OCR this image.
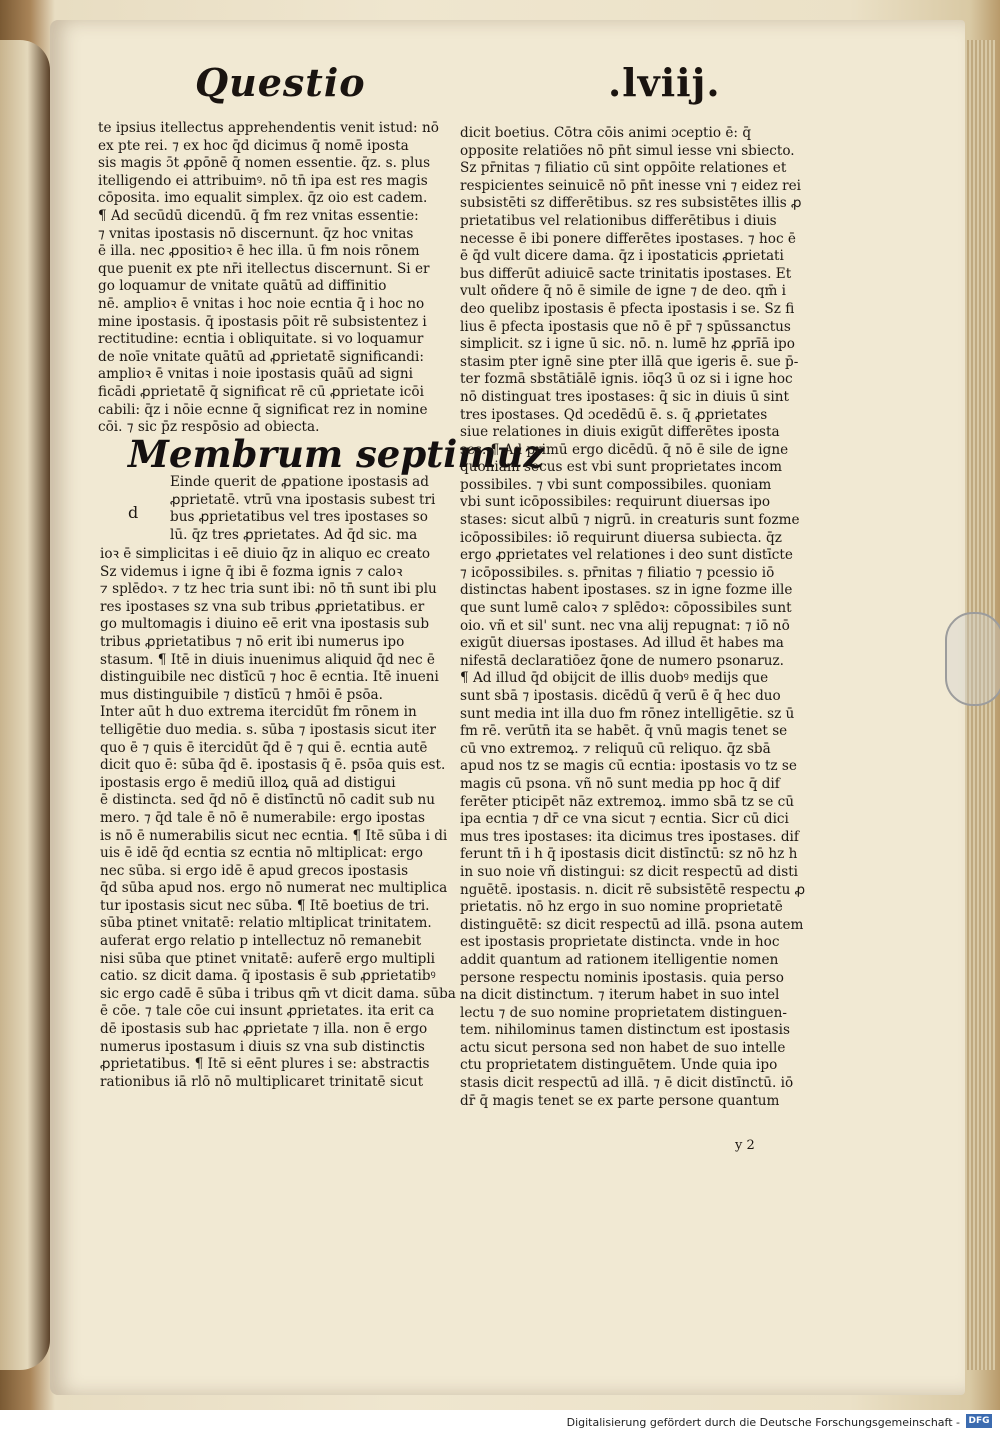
Questio	.lviij.
te ipsius itellectus apprehendentis venit istud: nō
ex pte rei. ⁊ ex hoc q̄d dicimus q̄ nomē iposta
sis magis ɔ̄t ꝓpōnē q̄ nomen essentie. q̄z. s. plus
itelligendo ei attribuimꝰ. nō tn̄ ipa est res magis
cōposita. imo equalit̄ simplex. q̄z oio est cadem.
¶ Ad secūdū dicendū. q̄ fm rez vnitas essentie:
⁊ vnitas ipostasis nō discernunt. q̄z hoc vnitas
ē illa. nec ꝓpositioꝛ ē hec illa. ū fm nois rōnem
que puenit ex pte nr̄i itellectus discernunt. Si er
go loquamur de vnitate quātū ad diffinitio
nē. amplioꝛ ē vnitas i hoc noie ecntia q̄ i hoc no
mine ipostasis. q̄ ipostasis pōit rē subsistentez i
rectitudine: ecntia i obliquitate. si vo loquamur
de noīe vnitate quātū ad ꝓprietatē significandi:
amplioꝛ ē vnitas i noie ipostasis quāū ad signi
ficādi ꝓprietatē q̄ significat rē cū ꝓprietate icōi
cabili: q̄z i nōie ecnne q̄ significat rez in nomine
cōi. ⁊ sic p̄z respōsio ad obiecta.
Membrum septimuz
d
Einde querit de ꝓpatione ipostasis ad
ꝓprietatē. vtrū vna ipostasis subest tri
bus ꝓprietatibus vel tres ipostases so
lū. q̄z tres ꝓprietates. Ad q̄d sic. ma
ioꝛ ē simplicitas i eē diuio q̄z in aliquo ec creato
Sz videmus i igne q̄ ibi ē fozma ignis ⁊ caloꝛ
⁊ splēdoꝛ. ⁊ tz hec tria sunt ibi: nō tn̄ sunt ibi plu
res ipostases sz vna sub tribus ꝓprietatibus. er
go multomagis i diuino eē erit vna ipostasis sub
tribus ꝓprietatibus ⁊ nō erit ibi numerus ipo
stasum. ¶ Itē in diuis inuenimus aliquid q̄d nec ē
distinguibile nec distīcū ⁊ hoc ē ecntia. Itē inueni
mus distinguibile ⁊ distīcū ⁊ hmōi ē psōa.
Inter aūt h̄ duo extrema itercidūt fm rōnem in
telligētie duo media. s. sūba ⁊ ipostasis sicut iter
quo ē ⁊ quis ē itercidūt q̄d ē ⁊ qui ē. ecntia autē
dicit quo ē: sūba q̄d ē. ipostasis q̄ ē. psōa quis est.
ipostasis ergo ē mediū illoꝝ quā ad distigui
ē distincta. sed q̄d nō ē distīnctū nō cadit sub nu
mero. ⁊ q̄d tale ē nō ē numerabile: ergo ipostas
is nō ē numerabilis sicut nec ecntia. ¶ Itē sūba i di
uis ē idē q̄d ecntia sz ecntia nō mltiplicat: ergo
nec sūba. si ergo idē ē apud grecos ipostasis
q̄d sūba apud nos. ergo nō numerat nec multiplica
tur ipostasis sicut nec sūba. ¶ Itē boetius de tri.
sūba ptinet vnitatē: relatio mltiplicat trinitatem.
auferat ergo relatio p intellectuz nō remanebit
nisi sūba que ptinet vnitatē: auferē ergo multipli
catio. sz dicit dama. q̄ ipostasis ē sub ꝓprietatibꝰ
sic ergo cadē ē sūba i tribus qm̄ vt dicit dama. sūba
ē cōe. ⁊ tale cōe cui insunt ꝓprietates. ita erit ca
dē ipostasis sub hac ꝓprietate ⁊ illa. non ē ergo
numerus ipostasum i diuis sz vna sub distinctis
ꝓprietatibus. ¶ Itē si eēnt plures i se: abstractis
rationibus iā rlō nō multiplicaret trinitatē sicut
dicit boetius. Cōtra cōis animi ɔceptio ē: q̄
opposite relatiões nō pn̄t simul iesse vni sbiecto.
Sz pr̄nitas ⁊ filiatio cū sint oppōite relationes et
respicientes seinuicē nō pn̄t inesse vni ⁊ eidez rei
subsistēti sz differētibus. sz res subsistētes illis ꝓ
prietatibus vel relationibus differētibus i diuis
necesse ē ibi ponere differētes ipostases. ⁊ hoc ē
ē q̄d vult dicere dama. q̄z i ipostaticis ꝓprietati
bus differūt adiuicē sacte trinitatis ipostases. Et
vult oñdere q̄ nō ē simile de igne ⁊ de deo. qm̄ i
deo quelibz ipostasis ē pfecta ipostasis i se. Sz fi
lius ē pfecta ipostasis que nō ē pr̄ ⁊ spūssanctus
simplicit̄. sz i igne ū sic. nō. n. lumē h̄z ꝓprīā ipo
stasim pter ignē sine pter illā que igeris ē. sue p̄-
ter fozmā sbstātiālē ignis. iōq3 ū oz si i igne hoc
nō distinguat tres ipostases: q̄ sic in diuis ū sint
tres ipostases. Qd ɔcedēdū ē. s. q̄ ꝓprietates
siue relationes in diuis exigūt differētes iposta
ses. ¶ Ad primū ergo dicēdū. q̄ nō ē sile de igne
quoniam secus est vbi sunt proprietates incom
possibiles. ⁊ vbi sunt compossibiles. quoniam
vbi sunt icōpossibiles: requirunt diuersas ipo
stases: sicut albū ⁊ nigrū. in creaturis sunt fozme
icōpossibiles: iō requirunt diuersa subiecta. q̄z
ergo ꝓprietates vel relationes i deo sunt distīcte
⁊ icōpossibiles. s. pr̄nitas ⁊ filiatio ⁊ pcessio iō
distinctas habent ipostases. sz in igne fozme ille
que sunt lumē caloꝛ ⁊ splēdoꝛ: cōpossibiles sunt
oio. vñ et sil' sunt. nec vna alij repugnat: ⁊ iō nō
exigūt diuersas ipostases. Ad illud ēt habes ma
nifestā declaratiōez q̄one de numero psonaruz.
¶ Ad illud q̄d obijcit de illis duobꝰ medijs que
sunt sbā ⁊ ipostasis. dicēdū q̄ verū ē q̄ hec duo
sunt media int illa duo fm rōnez intelligētie. sz ū
fm rē. verūtn̄ ita se habēt. q̄ vnū magis tenet se
cū vno extremoꝝ. ⁊ reliquū cū reliquo. q̄z sbā
apud nos tz se magis cū ecntia: ipostasis vo tz se
magis cū psona. vñ nō sunt media pp hoc q̄ dif
ferēter pticipēt nāz extremoꝝ. immo sbā tz se cū
ipa ecntia ⁊ dr̄ ce vna sicut ⁊ ecntia. Sicr cū dici
mus tres ipostases: ita dicimus tres ipostases. dif
ferunt tn̄ i h q̄ ipostasis dicit distīnctū: sz nō h̄z h
in suo noie vñ distingui: sz dicit respectū ad disti
nguētē. ipostasis. n. dicit rē subsistētē respectu ꝓ
prietatis. nō h̄z ergo in suo nomine proprietatē
distinguētē: sz dicit respectū ad illā. psona autem
est ipostasis proprietate distincta. vnde in hoc
addit quantum ad rationem itelligentie nomen
persone respectu nominis ipostasis. quia perso
na dicit distinctum. ⁊ iterum habet in suo intel
lectu ⁊ de suo nomine proprietatem distinguen-
tem. nihilominus tamen distinctum est ipostasis
actu sicut persona sed non habet de suo intelle
ctu proprietatem distinguētem. Unde quia ipo
stasis dicit respectū ad illā. ⁊ ē dicit distīnctū. iō
dr̄ q̄ magis tenet se ex parte persone quantum
y 2
Digitalisierung gefördert durch die Deutsche Forschungsgemeinschaft - DFG
